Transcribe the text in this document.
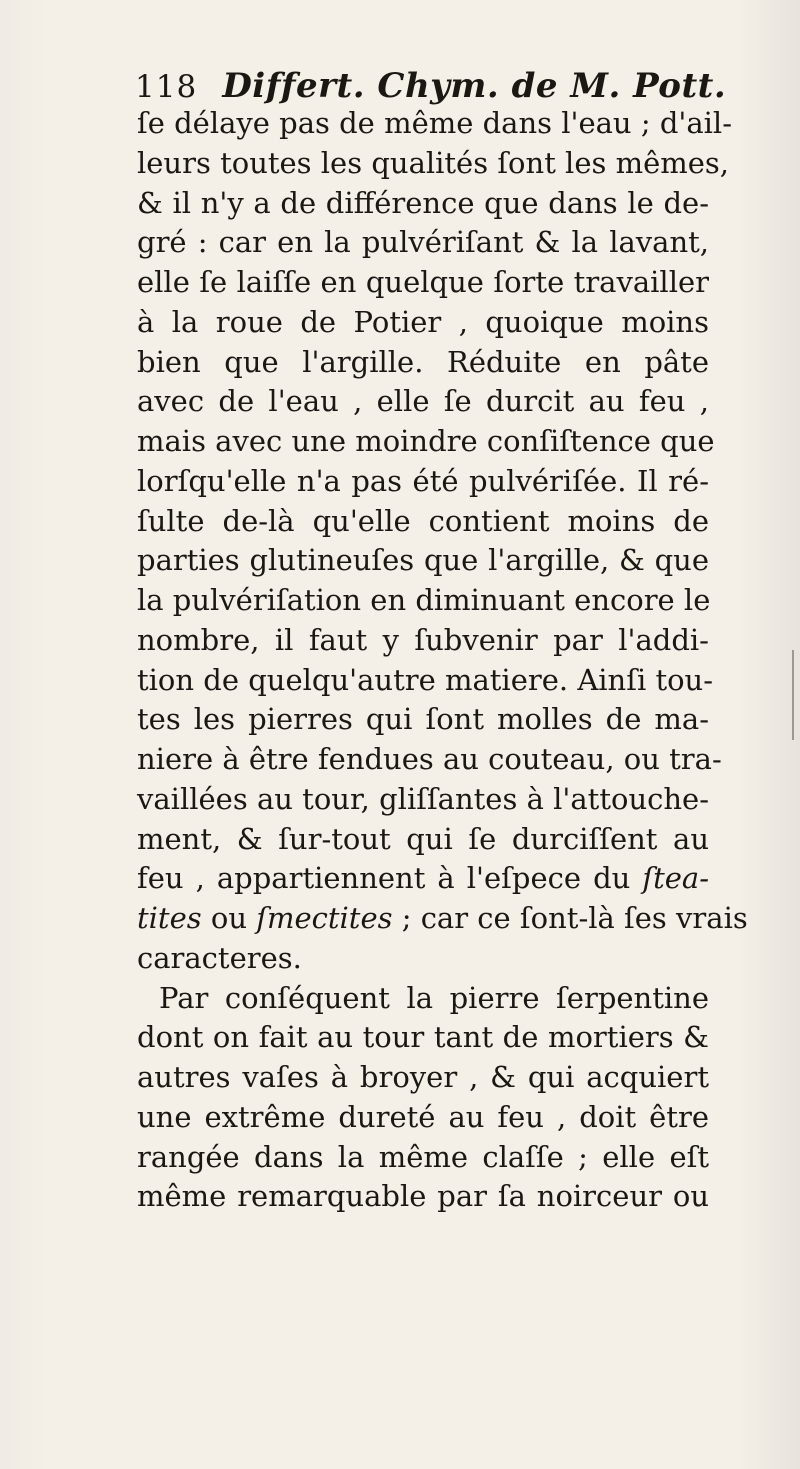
118 Differt. Chym. de M. Pott.
ſe délaye pas de même dans l'eau ; d'ail-
leurs toutes les qualités ſont les mêmes,
& il n'y a de différence que dans le de-
gré : car en la pulvériſant & la lavant,
elle ſe laiſſe en quelque ſorte travailler
à la roue de Potier , quoique moins
bien que l'argille. Réduite en pâte
avec de l'eau , elle ſe durcit au feu ,
mais avec une moindre conſiſtence que
lorſqu'elle n'a pas été pulvériſée. Il ré-
ſulte de-là qu'elle contient moins de
parties glutineuſes que l'argille, & que
la pulvériſation en diminuant encore le
nombre, il faut y ſubvenir par l'addi-
tion de quelqu'autre matiere. Ainſi tou-
tes les pierres qui ſont molles de ma-
niere à être fendues au couteau, ou tra-
vaillées au tour, gliſſantes à l'attouche-
ment, & ſur-tout qui ſe durciſſent au
feu , appartiennent à l'eſpece du ſtea-
tites ou ſmectites ; car ce ſont-là ſes vrais
caracteres.
Par conſéquent la pierre ſerpentine
dont on fait au tour tant de mortiers &
autres vaſes à broyer , & qui acquiert
une extrême dureté au feu , doit être
rangée dans la même claſſe ; elle eſt
même remarquable par ſa noirceur ou
